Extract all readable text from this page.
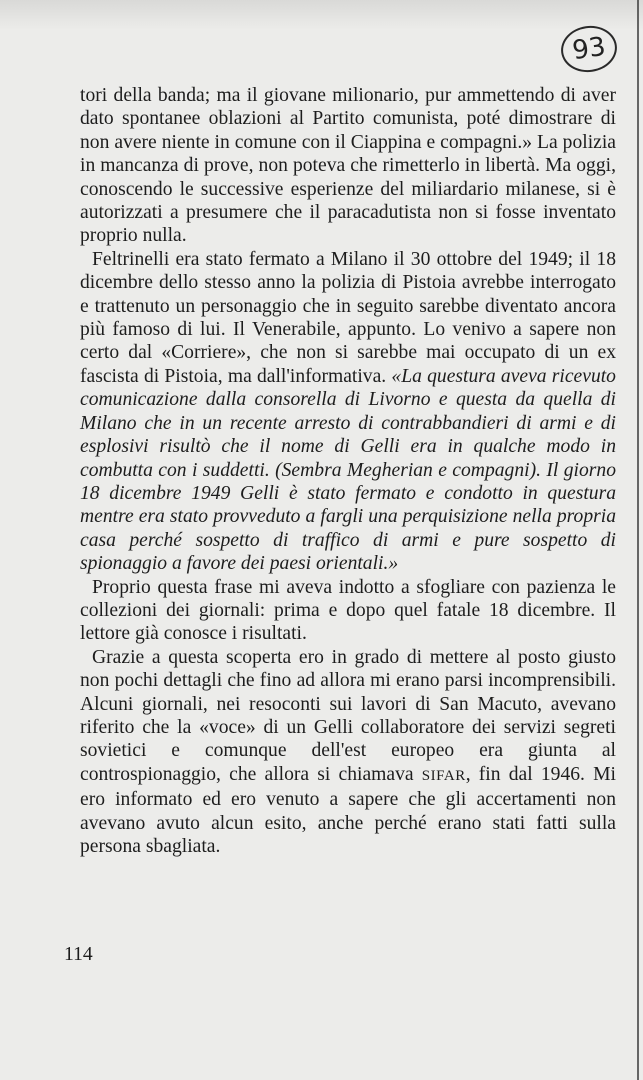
93

tori della banda; ma il giovane milionario, pur ammettendo di aver dato spontanee oblazioni al Partito comunista, poté dimostrare di non avere niente in comune con il Ciappina e compagni.» La polizia in mancanza di prove, non poteva che rimetterlo in libertà. Ma oggi, conoscendo le successive esperienze del miliardario milanese, si è autorizzati a presumere che il paracadutista non si fosse inventato proprio nulla.

Feltrinelli era stato fermato a Milano il 30 ottobre del 1949; il 18 dicembre dello stesso anno la polizia di Pistoia avrebbe interrogato e trattenuto un personaggio che in seguito sarebbe diventato ancora più famoso di lui. Il Venerabile, appunto. Lo venivo a sapere non certo dal «Corriere», che non si sarebbe mai occupato di un ex fascista di Pistoia, ma dall'informativa. «La questura aveva ricevuto comunicazione dalla consorella di Livorno e questa da quella di Milano che in un recente arresto di contrabbandieri di armi e di esplosivi risultò che il nome di Gelli era in qualche modo in combutta con i suddetti. (Sembra Megherian e compagni). Il giorno 18 dicembre 1949 Gelli è stato fermato e condotto in questura mentre era stato provveduto a fargli una perquisizione nella propria casa perché sospetto di traffico di armi e pure sospetto di spionaggio a favore dei paesi orientali.»

Proprio questa frase mi aveva indotto a sfogliare con pazienza le collezioni dei giornali: prima e dopo quel fatale 18 dicembre. Il lettore già conosce i risultati.

Grazie a questa scoperta ero in grado di mettere al posto giusto non pochi dettagli che fino ad allora mi erano parsi incomprensibili. Alcuni giornali, nei resoconti sui lavori di San Macuto, avevano riferito che la «voce» di un Gelli collaboratore dei servizi segreti sovietici e comunque dell'est europeo era giunta al controspionaggio, che allora si chiamava SIFAR, fin dal 1946. Mi ero informato ed ero venuto a sapere che gli accertamenti non avevano avuto alcun esito, anche perché erano stati fatti sulla persona sbagliata.

114
